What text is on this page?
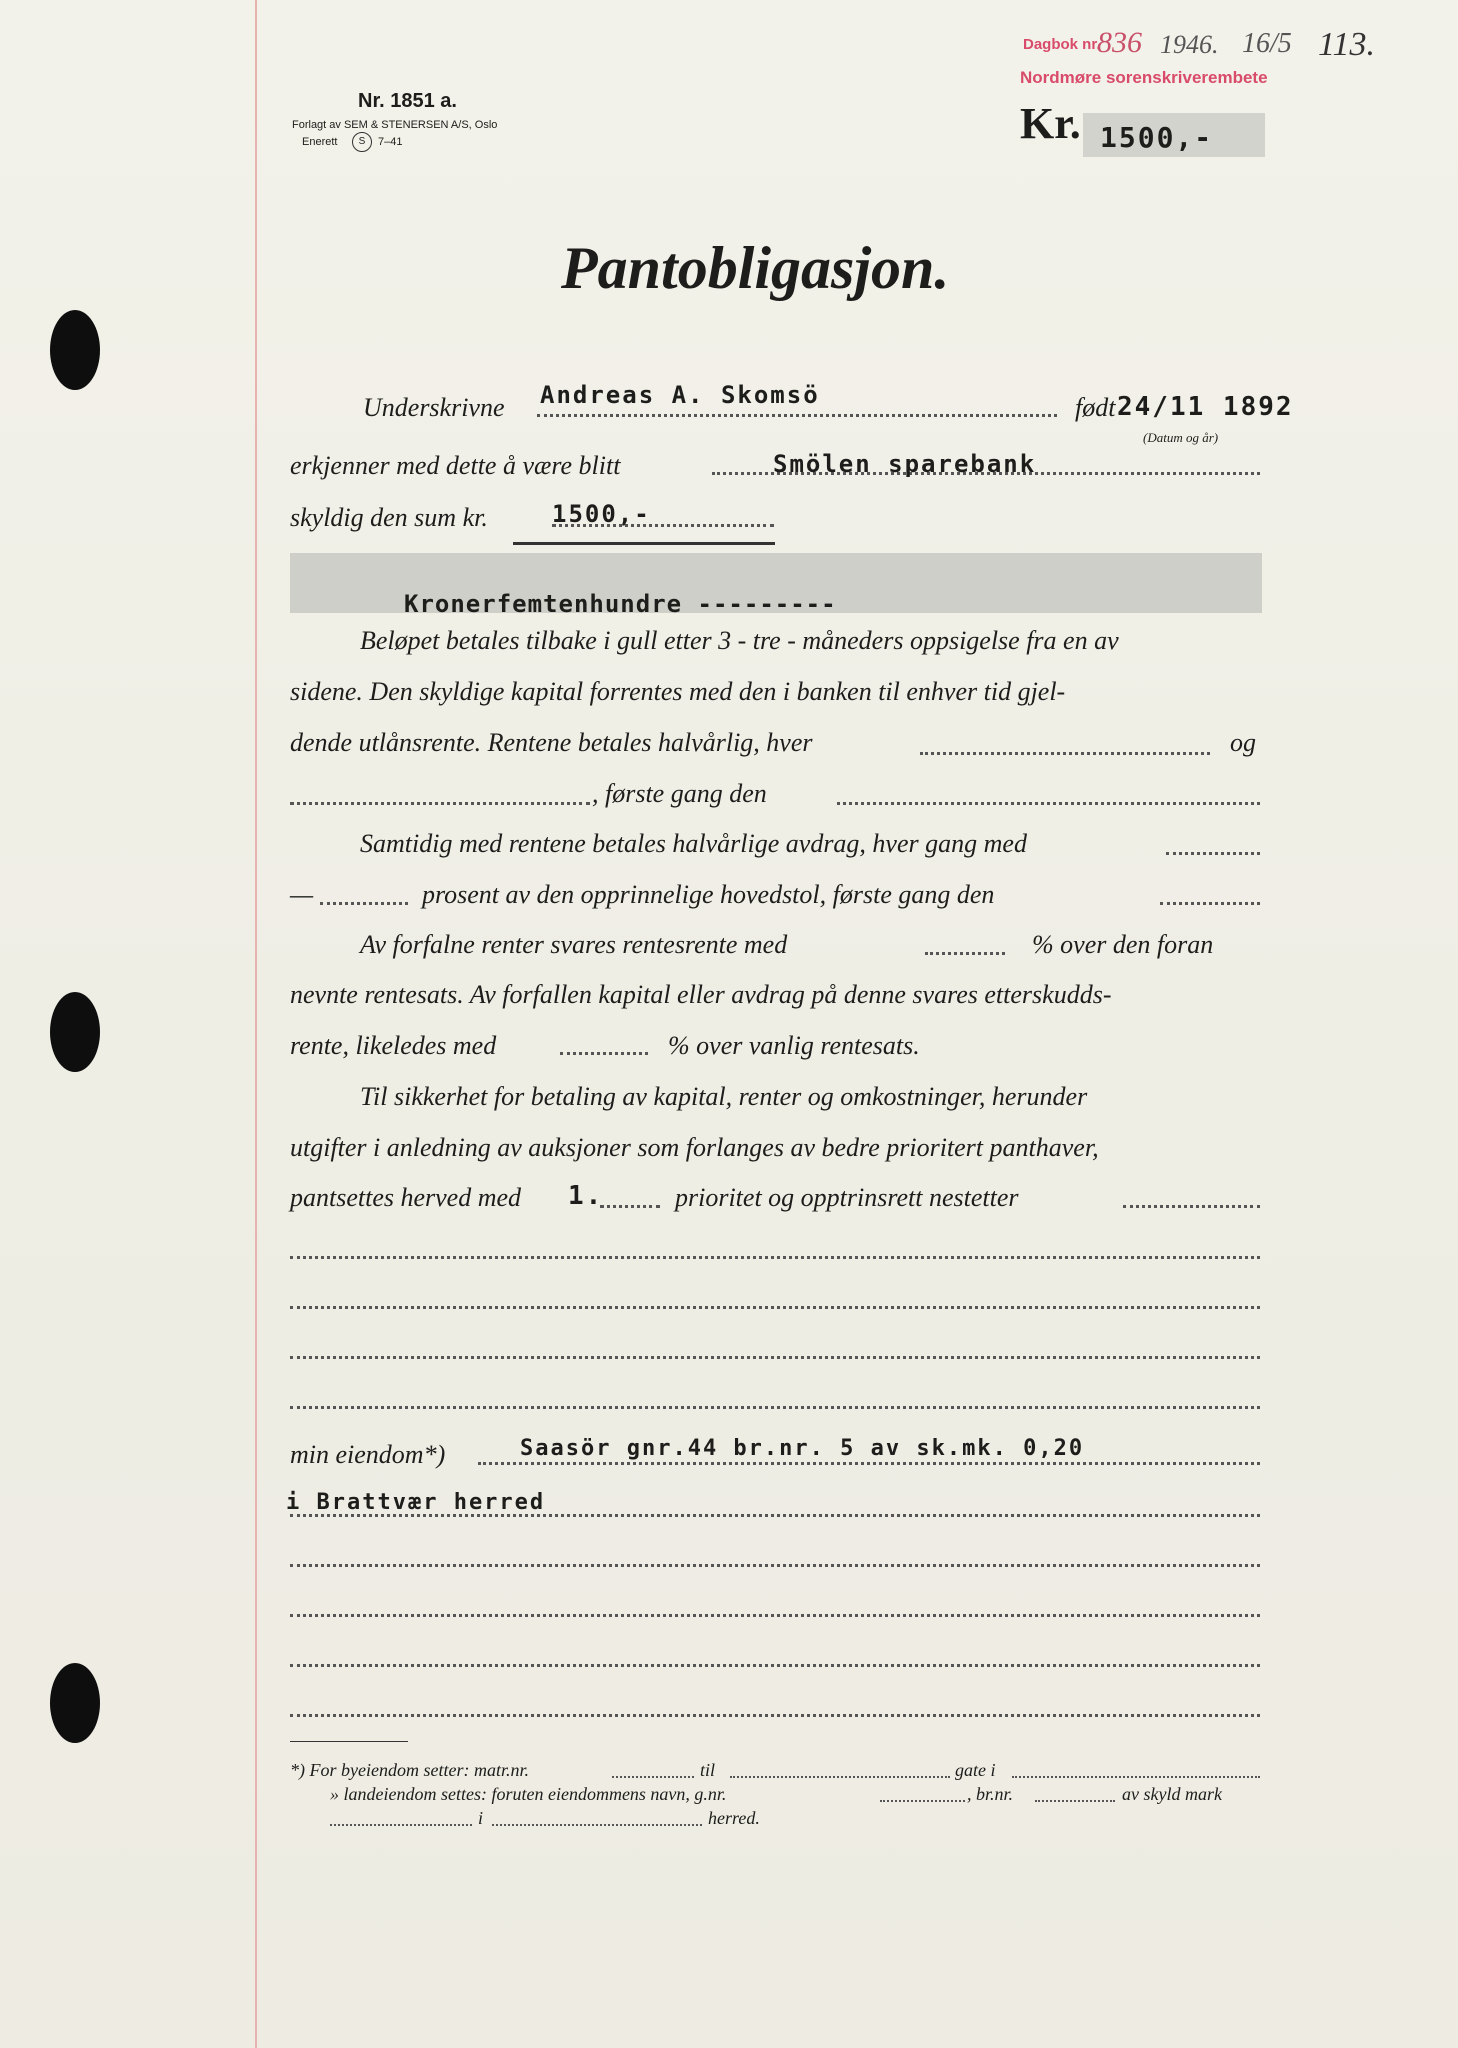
Nr. 1851 a.
Forlagt av SEM & STENERSEN A/S, Oslo
Enerett	S	7–41
Dagbok nr.
836 1946. 16/5 113.
Nordmøre sorenskriverembete
Kr. 1500,-
Pantobligasjon.
Underskrivne Andreas A. Skomsö	født 24/11 1892
(Datum og år)
erkjenner med dette å være blitt	Smölen sparebank
skyldig den sum kr.	1500,-
Kronerfemtenhundre ---------
Beløpet betales tilbake i gull etter 3 - tre - måneders oppsigelse fra en av
sidene. Den skyldige kapital forrentes med den i banken til enhver tid gjel-
dende utlånsrente. Rentene betales halvårlig, hver	og
, første gang den
Samtidig med rentene betales halvårlige avdrag, hver gang med
—	prosent av den opprinnelige hovedstol, første gang den
Av forfalne renter svares rentesrente med	% over den foran
nevnte rentesats. Av forfallen kapital eller avdrag på denne svares etterskudds-
rente, likeledes med	% over vanlig rentesats.
Til sikkerhet for betaling av kapital, renter og omkostninger, herunder
utgifter i anledning av auksjoner som forlanges av bedre prioritert panthaver,
pantsettes herved med 1.	prioritet og opptrinsrett nestetter
min eiendom*)	Saasör gnr.44 br.nr. 5 av sk.mk. 0,20
i Brattvær herred
*) For byeiendom setter: matr.nr.	til	gate i
» landeiendom settes: foruten eiendommens navn, g.nr.	, br.nr.	av skyld mark
i	herred.
